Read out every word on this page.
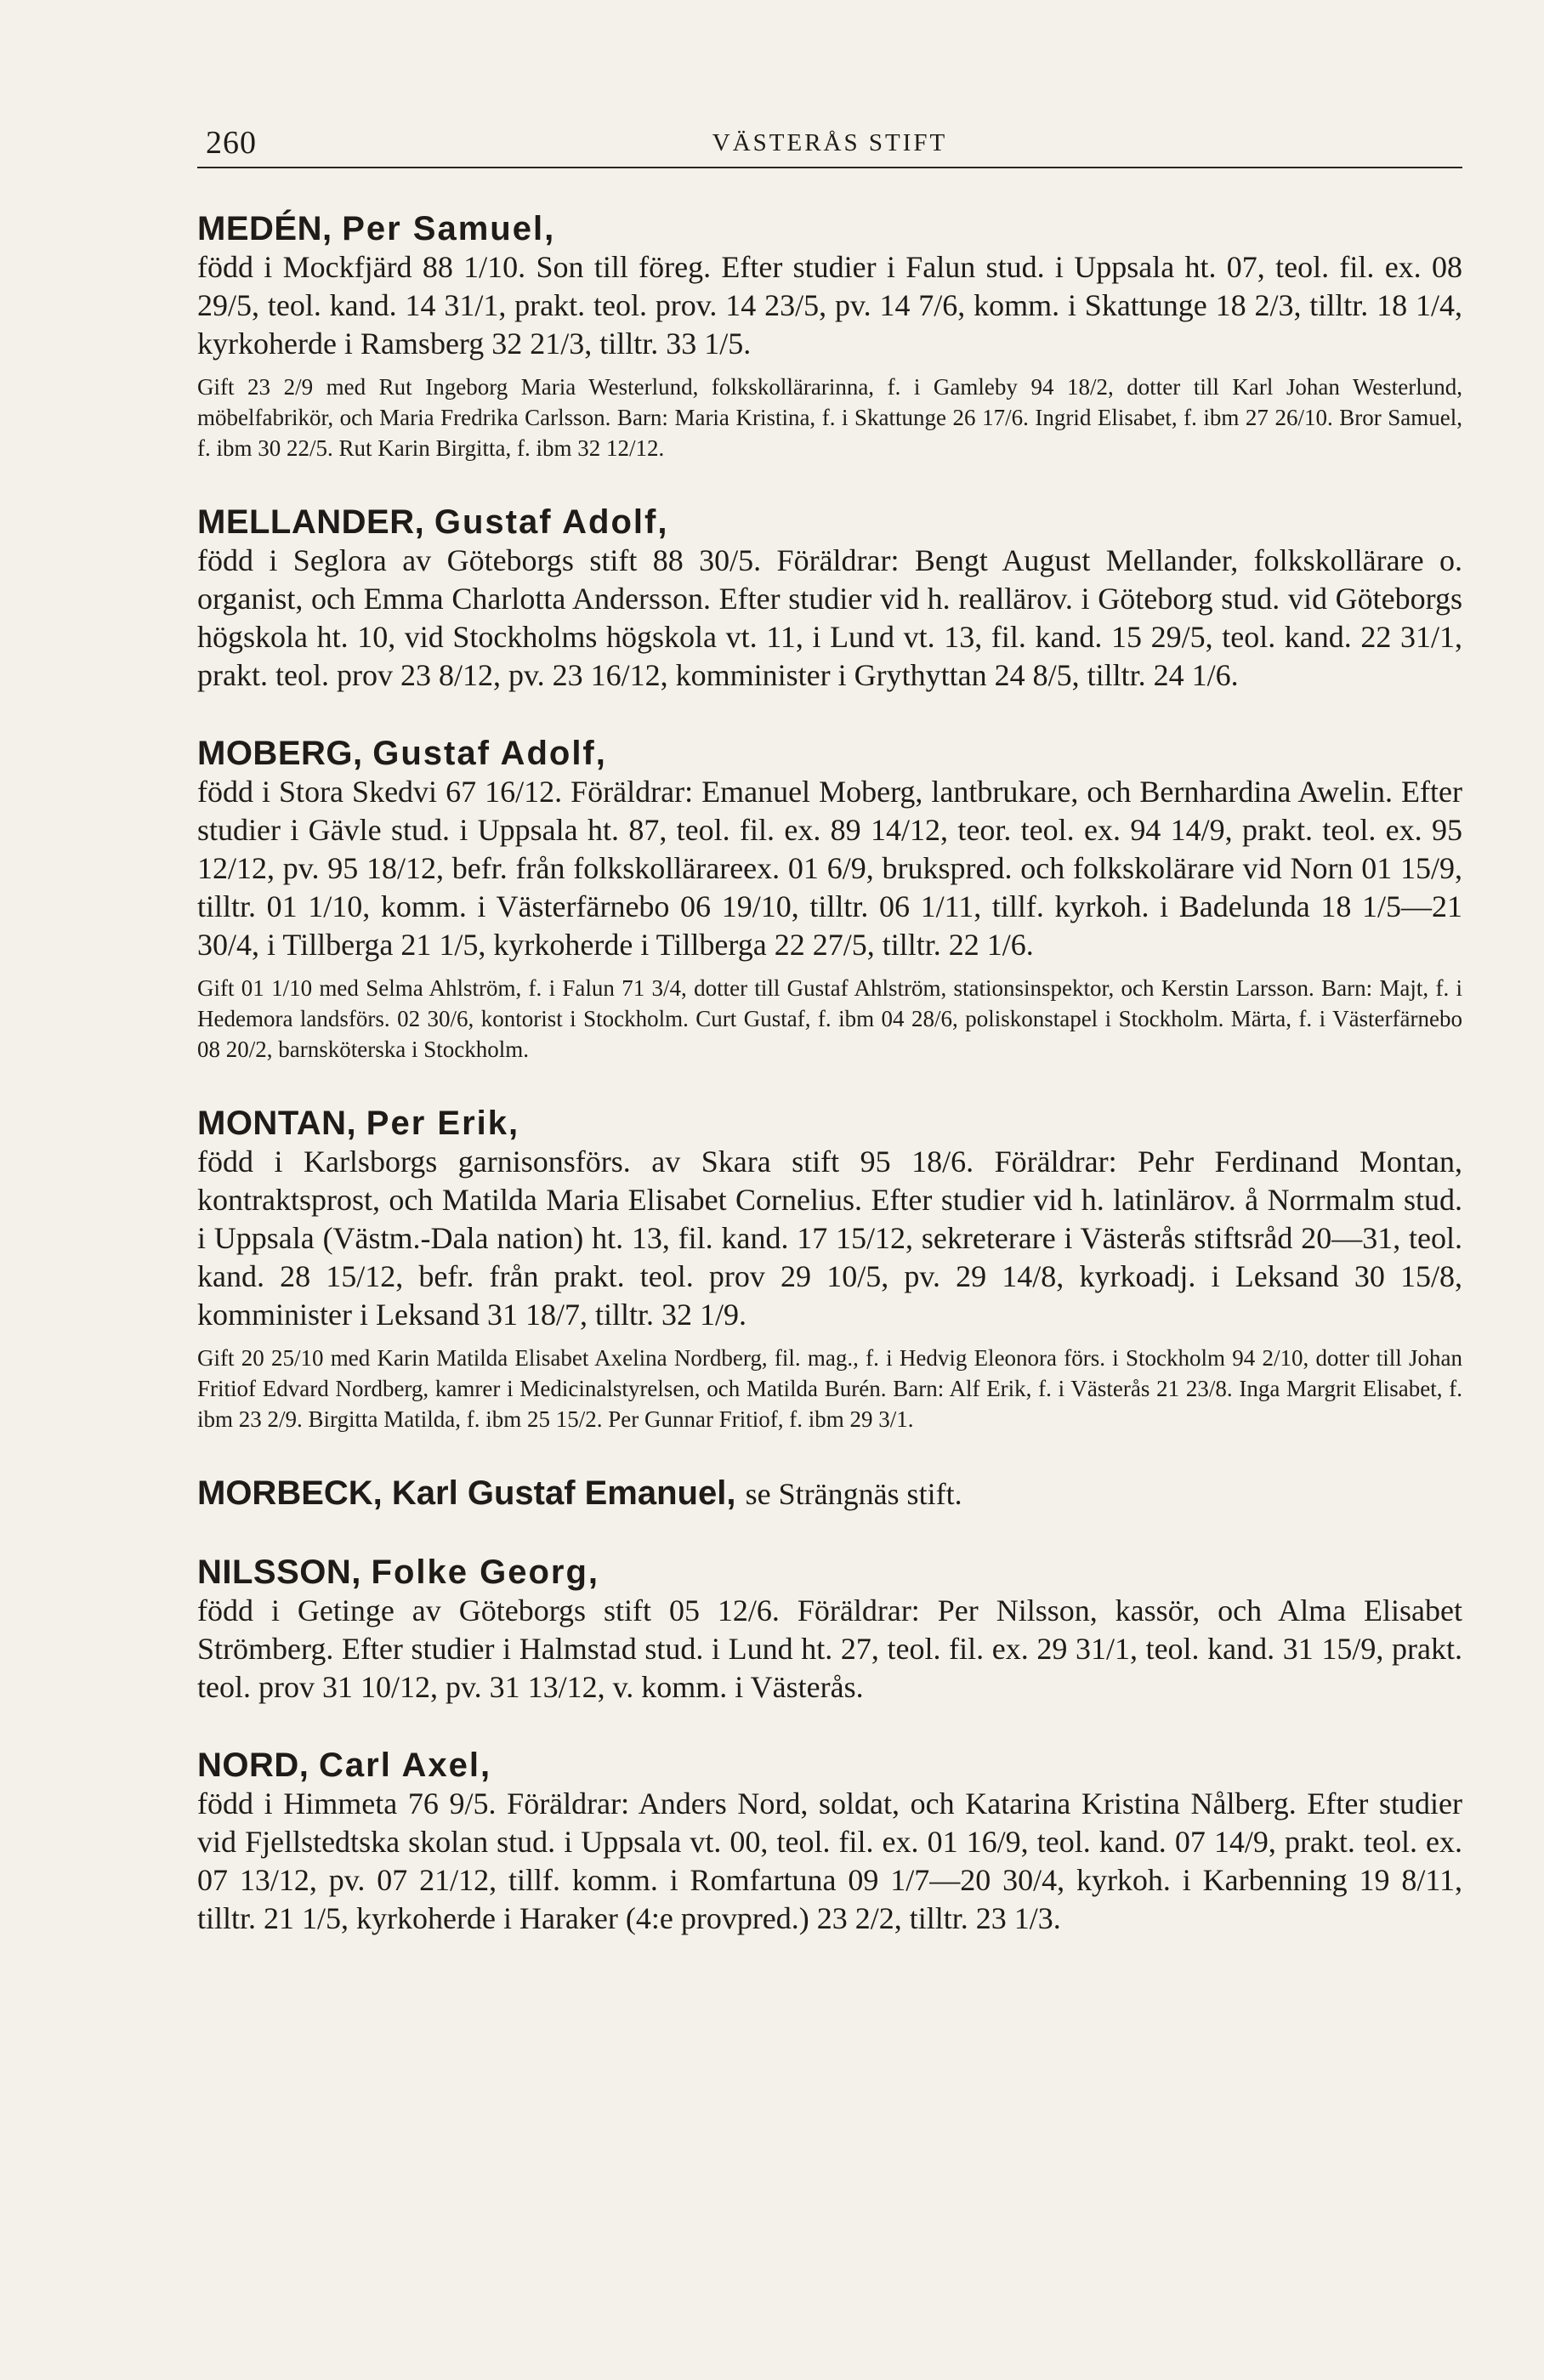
260	VÄSTERÅS STIFT
MEDÉN, Per Samuel,
född i Mockfjärd 88 1/10. Son till föreg. Efter studier i Falun stud. i Uppsala ht. 07, teol. fil. ex. 08 29/5, teol. kand. 14 31/1, prakt. teol. prov. 14 23/5, pv. 14 7/6, komm. i Skattunge 18 2/3, tilltr. 18 1/4, kyrkoherde i Ramsberg 32 21/3, tilltr. 33 1/5.
Gift 23 2/9 med Rut Ingeborg Maria Westerlund, folkskollärarinna, f. i Gamleby 94 18/2, dotter till Karl Johan Westerlund, möbelfabrikör, och Maria Fredrika Carlsson. Barn: Maria Kristina, f. i Skattunge 26 17/6. Ingrid Elisabet, f. ibm 27 26/10. Bror Samuel, f. ibm 30 22/5. Rut Karin Birgitta, f. ibm 32 12/12.
MELLANDER, Gustaf Adolf,
född i Seglora av Göteborgs stift 88 30/5. Föräldrar: Bengt August Mellander, folkskollärare o. organist, och Emma Charlotta Andersson. Efter studier vid h. reallärov. i Göteborg stud. vid Göteborgs högskola ht. 10, vid Stockholms högskola vt. 11, i Lund vt. 13, fil. kand. 15 29/5, teol. kand. 22 31/1, prakt. teol. prov 23 8/12, pv. 23 16/12, komminister i Grythyttan 24 8/5, tilltr. 24 1/6.
MOBERG, Gustaf Adolf,
född i Stora Skedvi 67 16/12. Föräldrar: Emanuel Moberg, lantbrukare, och Bernhardina Awelin. Efter studier i Gävle stud. i Uppsala ht. 87, teol. fil. ex. 89 14/12, teor. teol. ex. 94 14/9, prakt. teol. ex. 95 12/12, pv. 95 18/12, befr. från folkskollärareex. 01 6/9, brukspred. och folkskolärare vid Norn 01 15/9, tilltr. 01 1/10, komm. i Västerfärnebo 06 19/10, tilltr. 06 1/11, tillf. kyrkoh. i Badelunda 18 1/5—21 30/4, i Tillberga 21 1/5, kyrkoherde i Tillberga 22 27/5, tilltr. 22 1/6.
Gift 01 1/10 med Selma Ahlström, f. i Falun 71 3/4, dotter till Gustaf Ahlström, stationsinspektor, och Kerstin Larsson. Barn: Majt, f. i Hedemora landsförs. 02 30/6, kontorist i Stockholm. Curt Gustaf, f. ibm 04 28/6, poliskonstapel i Stockholm. Märta, f. i Västerfärnebo 08 20/2, barnsköterska i Stockholm.
MONTAN, Per Erik,
född i Karlsborgs garnisonsförs. av Skara stift 95 18/6. Föräldrar: Pehr Ferdinand Montan, kontraktsprost, och Matilda Maria Elisabet Cornelius. Efter studier vid h. latinlärov. å Norrmalm stud. i Uppsala (Västm.-Dala nation) ht. 13, fil. kand. 17 15/12, sekreterare i Västerås stiftsråd 20—31, teol. kand. 28 15/12, befr. från prakt. teol. prov 29 10/5, pv. 29 14/8, kyrkoadj. i Leksand 30 15/8, komminister i Leksand 31 18/7, tilltr. 32 1/9.
Gift 20 25/10 med Karin Matilda Elisabet Axelina Nordberg, fil. mag., f. i Hedvig Eleonora förs. i Stockholm 94 2/10, dotter till Johan Fritiof Edvard Nordberg, kamrer i Medicinalstyrelsen, och Matilda Burén. Barn: Alf Erik, f. i Västerås 21 23/8. Inga Margrit Elisabet, f. ibm 23 2/9. Birgitta Matilda, f. ibm 25 15/2. Per Gunnar Fritiof, f. ibm 29 3/1.
MORBECK, Karl Gustaf Emanuel, se Strängnäs stift.
NILSSON, Folke Georg,
född i Getinge av Göteborgs stift 05 12/6. Föräldrar: Per Nilsson, kassör, och Alma Elisabet Strömberg. Efter studier i Halmstad stud. i Lund ht. 27, teol. fil. ex. 29 31/1, teol. kand. 31 15/9, prakt. teol. prov 31 10/12, pv. 31 13/12, v. komm. i Västerås.
NORD, Carl Axel,
född i Himmeta 76 9/5. Föräldrar: Anders Nord, soldat, och Katarina Kristina Nålberg. Efter studier vid Fjellstedtska skolan stud. i Uppsala vt. 00, teol. fil. ex. 01 16/9, teol. kand. 07 14/9, prakt. teol. ex. 07 13/12, pv. 07 21/12, tillf. komm. i Romfartuna 09 1/7—20 30/4, kyrkoh. i Karbenning 19 8/11, tilltr. 21 1/5, kyrkoherde i Haraker (4:e provpred.) 23 2/2, tilltr. 23 1/3.
